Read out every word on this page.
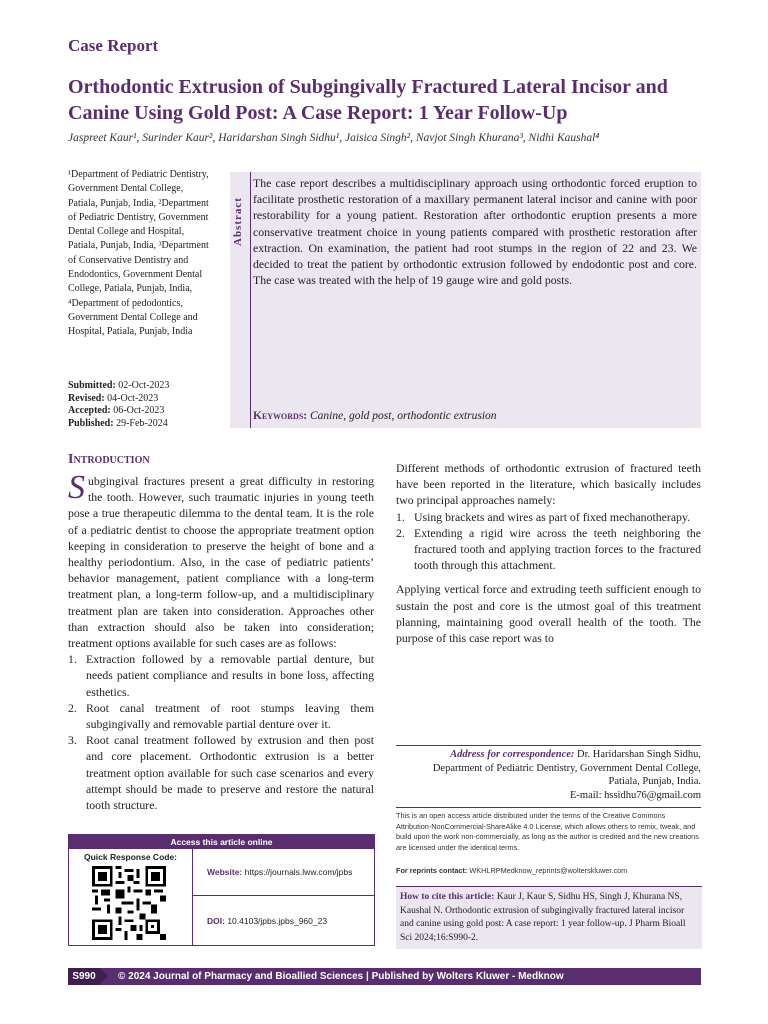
Case Report
Orthodontic Extrusion of Subgingivally Fractured Lateral Incisor and Canine Using Gold Post: A Case Report: 1 Year Follow-Up
Jaspreet Kaur¹, Surinder Kaur², Haridarshan Singh Sidhu¹, Jaisica Singh², Navjot Singh Khurana³, Nidhi Kaushal⁴
¹Department of Pediatric Dentistry, Government Dental College, Patiala, Punjab, India, ²Department of Pediatric Dentistry, Government Dental College and Hospital, Patiala, Punjab, India, ³Department of Conservative Dentistry and Endodontics, Government Dental College, Patiala, Punjab, India, ⁴Department of pedodontics, Government Dental College and Hospital, Patiala, Punjab, India
Submitted: 02-Oct-2023
Revised: 04-Oct-2023
Accepted: 06-Oct-2023
Published: 29-Feb-2024
Abstract
The case report describes a multidisciplinary approach using orthodontic forced eruption to facilitate prosthetic restoration of a maxillary permanent lateral incisor and canine with poor restorability for a young patient. Restoration after orthodontic eruption presents a more conservative treatment choice in young patients compared with prosthetic restoration after extraction. On examination, the patient had root stumps in the region of 22 and 23. We decided to treat the patient by orthodontic extrusion followed by endodontic post and core. The case was treated with the help of 19 gauge wire and gold posts.
Keywords: Canine, gold post, orthodontic extrusion
Introduction

Subgingival fractures present a great difficulty in restoring the tooth. However, such traumatic injuries in young teeth pose a true therapeutic dilemma to the dental team. It is the role of a pediatric dentist to choose the appropriate treatment option keeping in consideration to preserve the height of bone and a healthy periodontium. Also, in the case of pediatric patients’ behavior management, patient compliance with a long-term treatment plan, a long-term follow-up, and a multidisciplinary treatment plan are taken into consideration. Approaches other than extraction should also be taken into consideration; treatment options available for such cases are as follows:

1. Extraction followed by a removable partial denture, but needs patient compliance and results in bone loss, affecting esthetics.
2. Root canal treatment of root stumps leaving them subgingivally and removable partial denture over it.
3. Root canal treatment followed by extrusion and then post and core placement. Orthodontic extrusion is a better treatment option available for such case scenarios and every attempt should be made to preserve and restore the natural tooth structure.

Different methods of orthodontic extrusion of fractured teeth have been reported in the literature, which basically includes two principal approaches namely:

1. Using brackets and wires as part of fixed mechanotherapy.
2. Extending a rigid wire across the teeth neighboring the fractured tooth and applying traction forces to the fractured tooth through this attachment.

Applying vertical force and extruding teeth sufficient enough to sustain the post and core is the utmost goal of this treatment planning, maintaining good overall health of the tooth. The purpose of this case report was to

Address for correspondence: Dr. Haridarshan Singh Sidhu,
Department of Pediatric Dentistry, Government Dental College,
Patiala, Punjab, India.
E-mail: hssidhu76@gmail.com
This is an open access article distributed under the terms of the Creative Commons Attribution-NonCommercial-ShareAlike 4.0 License, which allows others to remix, tweak, and build upon the work non-commercially, as long as the author is credited and the new creations are licensed under the identical terms.
For reprints contact: WKHLRPMedknow_reprints@wolterskluwer.com
How to cite this article: Kaur J, Kaur S, Sidhu HS, Singh J, Khurana NS, Kaushal N. Orthodontic extrusion of subgingivally fractured lateral incisor and canine using gold post: A case report: 1 year follow-up. J Pharm Bioall Sci 2024;16:S990-2.
Access this article online
Quick Response Code:
Website: https://journals.lww.com/jpbs
DOI: 10.4103/jpbs.jpbs_960_23
S990	© 2024 Journal of Pharmacy and Bioallied Sciences | Published by Wolters Kluwer - Medknow
